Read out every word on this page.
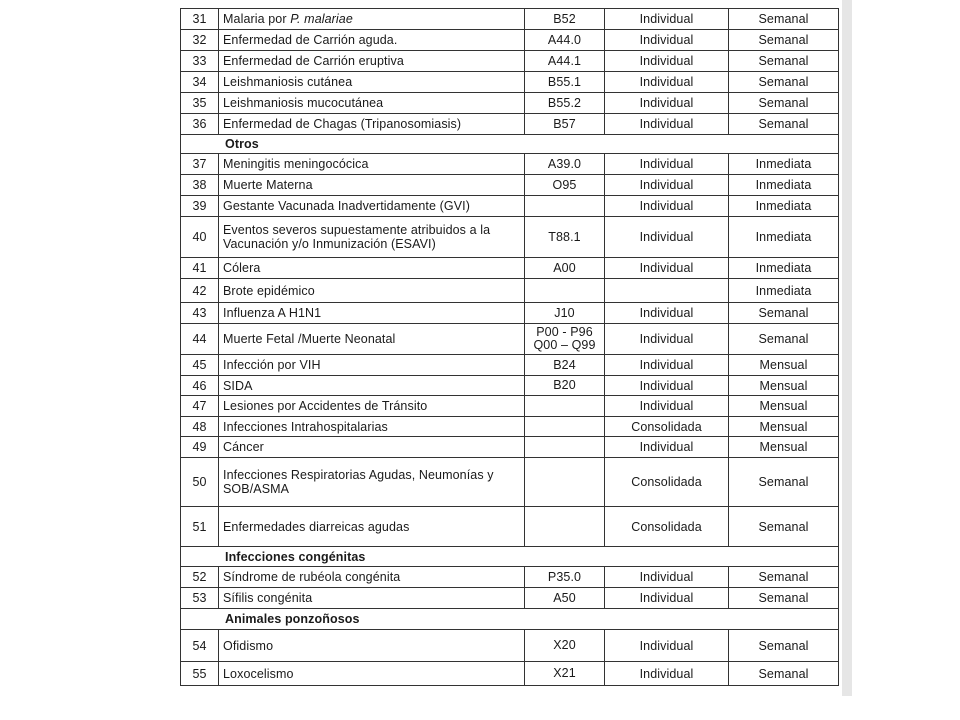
31	Malaria por P. malariae	B52	Individual	Semanal
32	Enfermedad de Carrión aguda.	A44.0	Individual	Semanal
33	Enfermedad de Carrión eruptiva	A44.1	Individual	Semanal
34	Leishmaniosis cutánea	B55.1	Individual	Semanal
35	Leishmaniosis mucocutánea	B55.2	Individual	Semanal
36	Enfermedad de Chagas (Tripanosomiasis)	B57	Individual	Semanal
Otros				
37	Meningitis meningocócica	A39.0	Individual	Inmediata
38	Muerte Materna	O95	Individual	Inmediata
39	Gestante Vacunada Inadvertidamente (GVI)		Individual	Inmediata
40	Eventos severos supuestamente atribuidos a la Vacunación y/o Inmunización (ESAVI)	T88.1	Individual	Inmediata
41	Cólera	A00	Individual	Inmediata
42	Brote epidémico			Inmediata
43	Influenza A H1N1	J10	Individual	Semanal
44	Muerte Fetal /Muerte Neonatal	P00 - P96 Q00 – Q99	Individual	Semanal
45	Infección por VIH	B24	Individual	Mensual
46	SIDA	B20	Individual	Mensual
47	Lesiones por Accidentes de Tránsito		Individual	Mensual
48	Infecciones Intrahospitalarias		Consolidada	Mensual
49	Cáncer		Individual	Mensual
50	Infecciones Respiratorias Agudas, Neumonías y SOB/ASMA		Consolidada	Semanal
51	Enfermedades diarreicas agudas		Consolidada	Semanal
Infecciones congénitas				
52	Síndrome de rubéola congénita	P35.0	Individual	Semanal
53	Sífilis congénita	A50	Individual	Semanal
Animales ponzoñosos				
54	Ofidismo	X20	Individual	Semanal
55	Loxocelismo	X21	Individual	Semanal
